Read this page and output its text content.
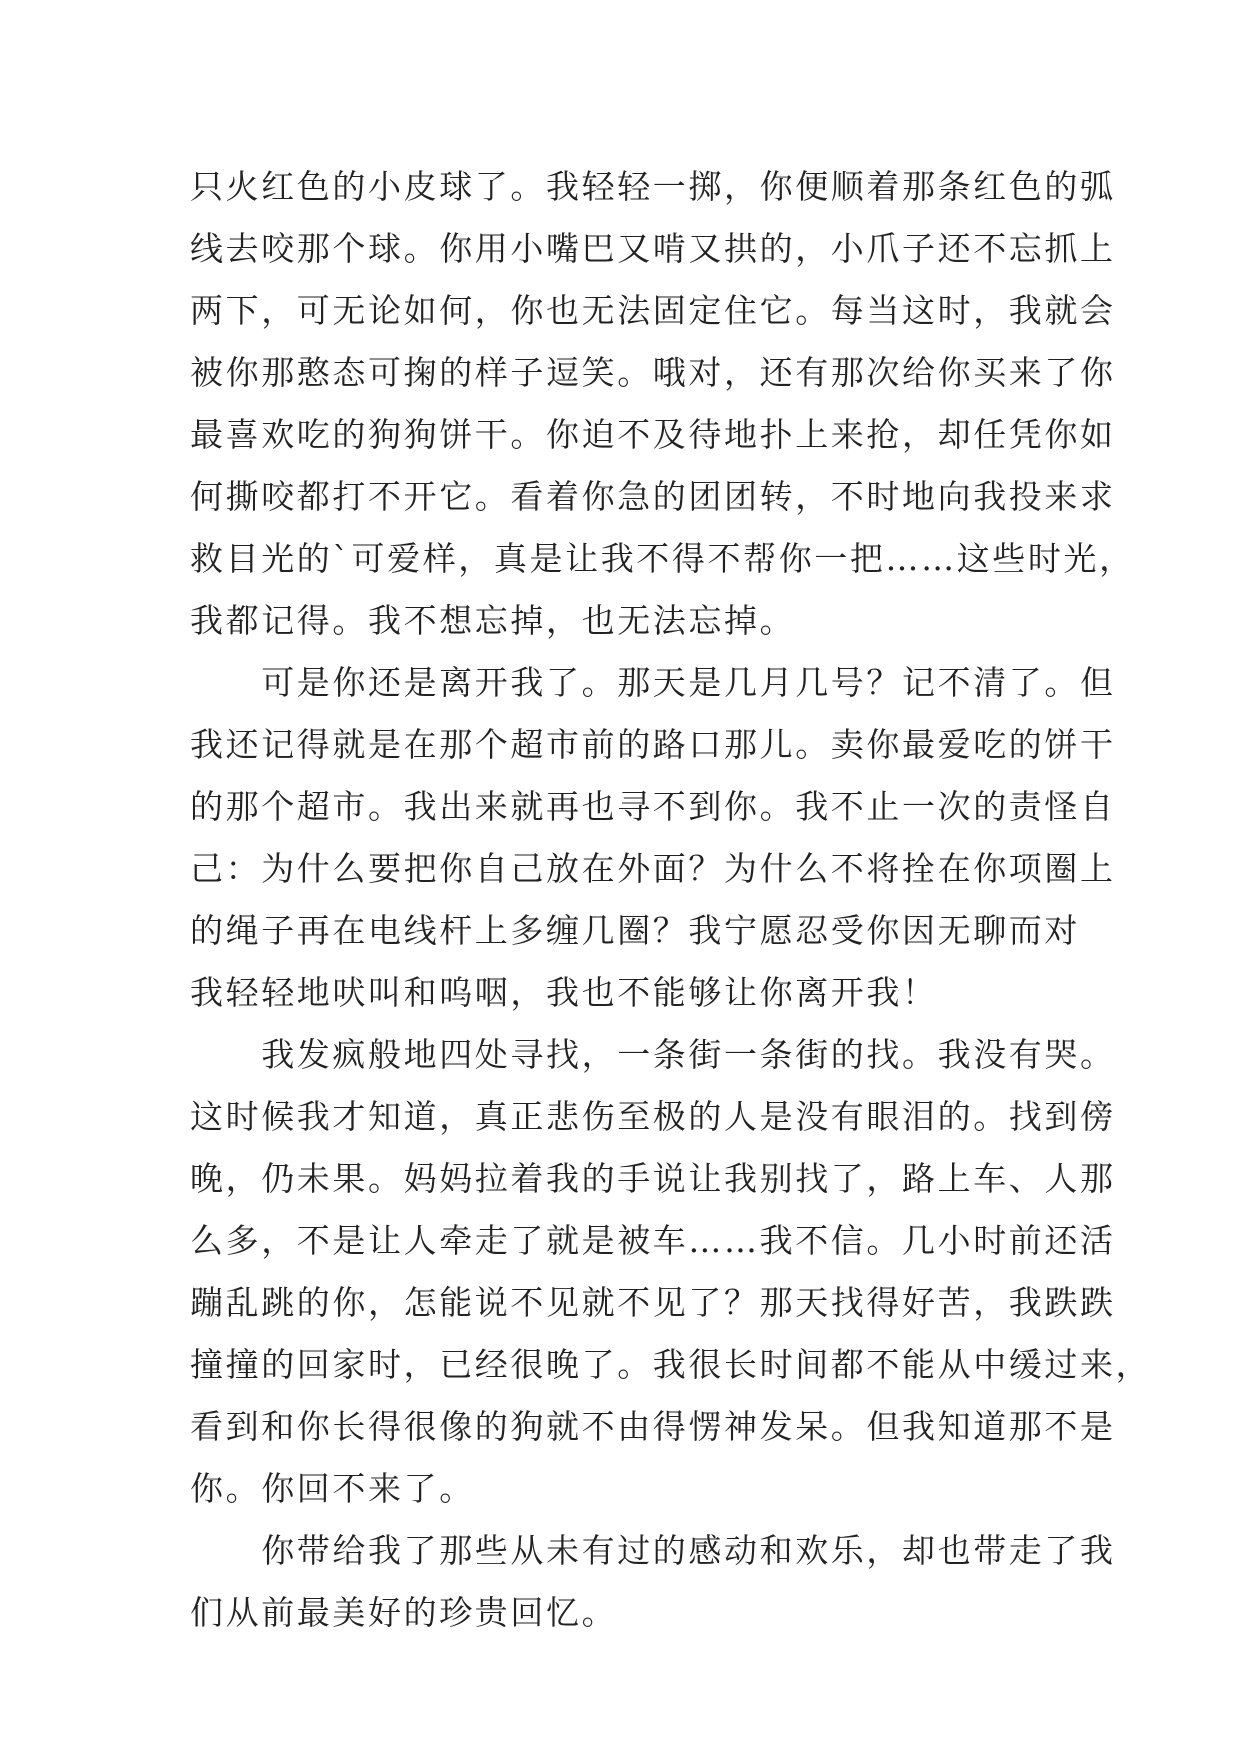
只火红色的小皮球了。我轻轻一掷，你便顺着那条红色的弧
线去咬那个球。你用小嘴巴又啃又拱的，小爪子还不忘抓上
两下，可无论如何，你也无法固定住它。每当这时，我就会
被你那憨态可掬的样子逗笑。哦对，还有那次给你买来了你
最喜欢吃的狗狗饼干。你迫不及待地扑上来抢，却任凭你如
何撕咬都打不开它。看着你急的团团转，不时地向我投来求
救目光的`可爱样，真是让我不得不帮你一把……这些时光，
我都记得。我不想忘掉，也无法忘掉。
　　可是你还是离开我了。那天是几月几号？记不清了。但
我还记得就是在那个超市前的路口那儿。卖你最爱吃的饼干
的那个超市。我出来就再也寻不到你。我不止一次的责怪自
己：为什么要把你自己放在外面？为什么不将拴在你项圈上
的绳子再在电线杆上多缠几圈？我宁愿忍受你因无聊而对
我轻轻地吠叫和呜咽，我也不能够让你离开我！
　　我发疯般地四处寻找，一条街一条街的找。我没有哭。
这时候我才知道，真正悲伤至极的人是没有眼泪的。找到傍
晚，仍未果。妈妈拉着我的手说让我别找了，路上车、人那
么多，不是让人牵走了就是被车……我不信。几小时前还活
蹦乱跳的你，怎能说不见就不见了？那天找得好苦，我跌跌
撞撞的回家时，已经很晚了。我很长时间都不能从中缓过来，
看到和你长得很像的狗就不由得愣神发呆。但我知道那不是
你。你回不来了。
　　你带给我了那些从未有过的感动和欢乐，却也带走了我
们从前最美好的珍贵回忆。
